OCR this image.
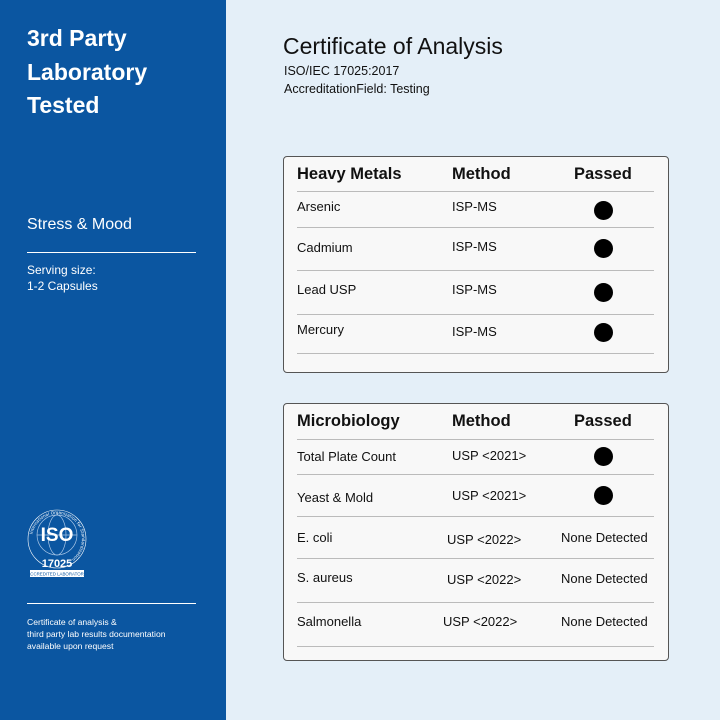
3rd Party
Laboratory
Tested
Stress & Mood
Serving size:
1-2 Capsules
International Organization for Standardization
ISO
17025
ACCREDITED LABORATORY
Certificate of analysis &
third party lab results documentation
available upon request
Certificate of Analysis
ISO/IEC 17025:2017
AccreditationField: Testing
Heavy Metals	Method	Passed
Arsenic	ISP-MS
Cadmium	ISP-MS
Lead USP	ISP-MS
Mercury	ISP-MS
Microbiology	Method	Passed
Total Plate Count	USP <2021>
Yeast & Mold	USP <2021>
E. coli	USP <2022>	None Detected
S. aureus	USP <2022>	None Detected
Salmonella	USP <2022>	None Detected
